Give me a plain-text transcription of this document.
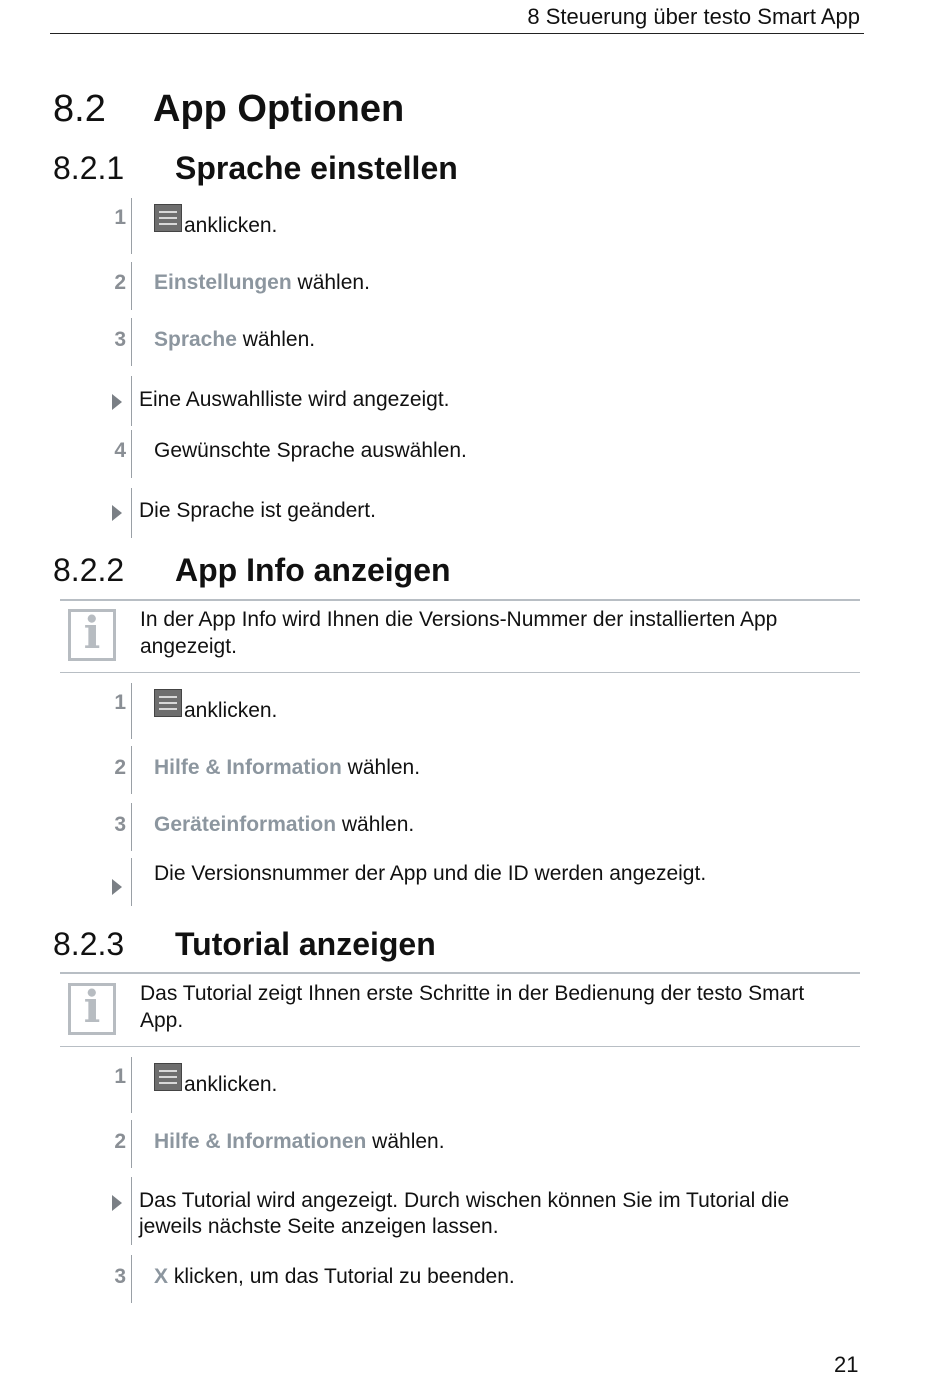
8 Steuerung über testo Smart App
8.2 App Optionen
8.2.1 Sprache einstellen
1	anklicken.
2 Einstellungen wählen.
3 Sprache wählen.
Eine Auswahlliste wird angezeigt.
4 Gewünschte Sprache auswählen.
Die Sprache ist geändert.
8.2.2 App Info anzeigen
i	In der App Info wird Ihnen die Versions-Nummer der installierten App
angezeigt.
1	anklicken.
2 Hilfe & Information wählen.
3 Geräteinformation wählen.
Die Versionsnummer der App und die ID werden angezeigt.
8.2.3 Tutorial anzeigen
i	Das Tutorial zeigt Ihnen erste Schritte in der Bedienung der testo Smart
App.
1	anklicken.
2 Hilfe & Informationen wählen.
Das Tutorial wird angezeigt. Durch wischen können Sie im Tutorial die
jeweils nächste Seite anzeigen lassen.
3 X klicken, um das Tutorial zu beenden.
21
